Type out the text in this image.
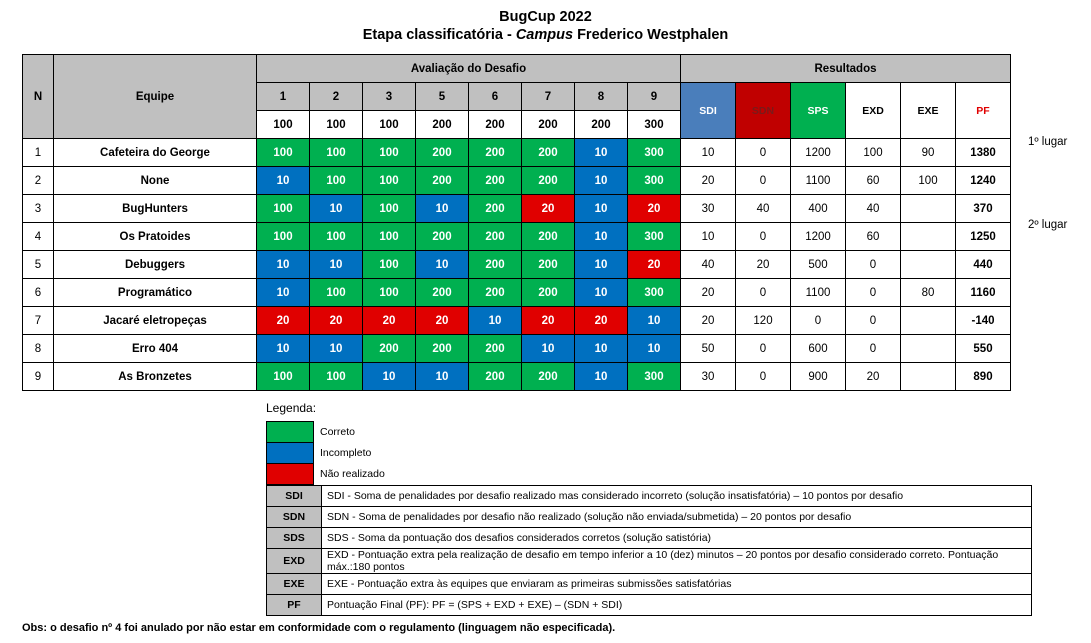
BugCup 2022
Etapa classificatória - Campus Frederico Westphalen
N	Equipe	Avaliação do Desafio								Resultados					
		1	2	3	5	6	7	8	9	SDI	SDN	SPS	EXD	EXE	PF

		100	100	100	200	200	200	200	300						
1	Cafeteira do George	100	100	100	200	200	200	10	300	10	0	1200	100	90	1380
2	None	10	100	100	200	200	200	10	300	20	0	1100	60	100	1240
3	BugHunters	100	10	100	10	200	20	10	20	30	40	400	40		370
4	Os Pratoides	100	100	100	200	200	200	10	300	10	0	1200	60		1250
5	Debuggers	10	10	100	10	200	200	10	20	40	20	500	0		440
6	Programático	10	100	100	200	200	200	10	300	20	0	1100	0	80	1160
7	Jacaré eletropeças	20	20	20	20	10	20	20	10	20	120	0	0		-140
8	Erro 404	10	10	200	200	200	10	10	10	50	0	600	0		550
9	As Bronzetes	100	100	10	10	200	200	10	300	30	0	900	20		890
1º lugar
2º lugar
Legenda:
	Correto
	Incompleto
	Não realizado
SDI	SDI - Soma de penalidades por desafio realizado mas considerado incorreto (solução insatisfatória) – 10 pontos por desafio
SDN	SDN - Soma de penalidades por desafio não realizado (solução não enviada/submetida) – 20 pontos por desafio
SDS	SDS - Soma da pontuação dos desafios considerados corretos (solução satistória)
EXD	EXD - Pontuação extra pela realização de desafio em tempo inferior a 10 (dez) minutos – 20 pontos por desafio considerado correto. Pontuação máx.:180 pontos
EXE	EXE - Pontuação extra às equipes que enviaram as primeiras submissões satisfatórias
PF	Pontuação Final (PF): PF = (SPS + EXD + EXE) – (SDN + SDI)
Obs: o desafio nº 4 foi anulado por não estar em conformidade com o regulamento (linguagem não especificada).
